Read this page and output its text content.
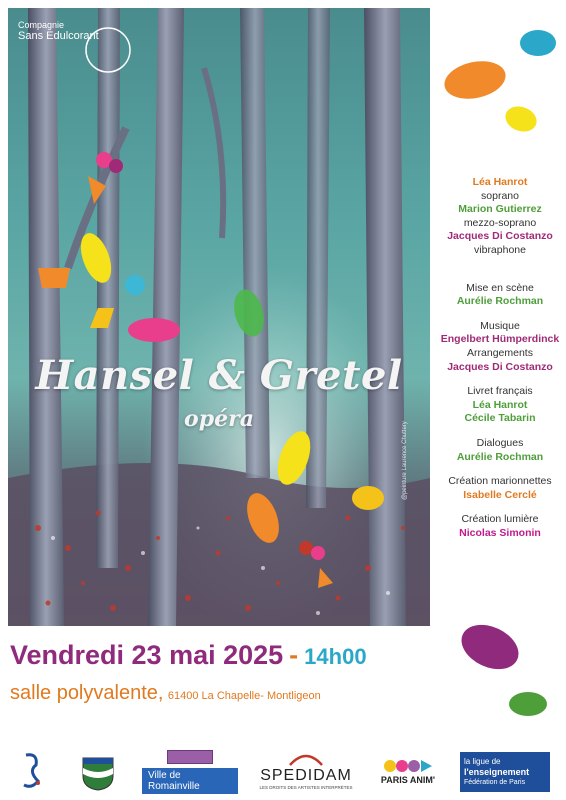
Compagnie
Sans Edulcorant
Hansel & Gretel
opéra
@peinture Laurence Chuttery
Léa Hanrot
soprano
Marion Gutierrez
mezzo-soprano
Jacques Di Costanzo
vibraphone
Mise en scène
Aurélie Rochman
Musique
Engelbert Hümperdinck
Arrangements
Jacques Di Costanzo
Livret français
Léa Hanrot
Cécile Tabarin
Dialogues
Aurélie Rochman
Création marionnettes
Isabelle Cerclé
Création lumière
Nicolas Simonin
Vendredi 23 mai 2025 - 14h00
salle polyvalente, 61400 La Chapelle- Montligeon
Ville de Romainville
SPEDIDAM
LES DROITS DES ARTISTES INTERPRÈTES
PARIS ANIM'
la ligue de
l'enseignement
Fédération de Paris
